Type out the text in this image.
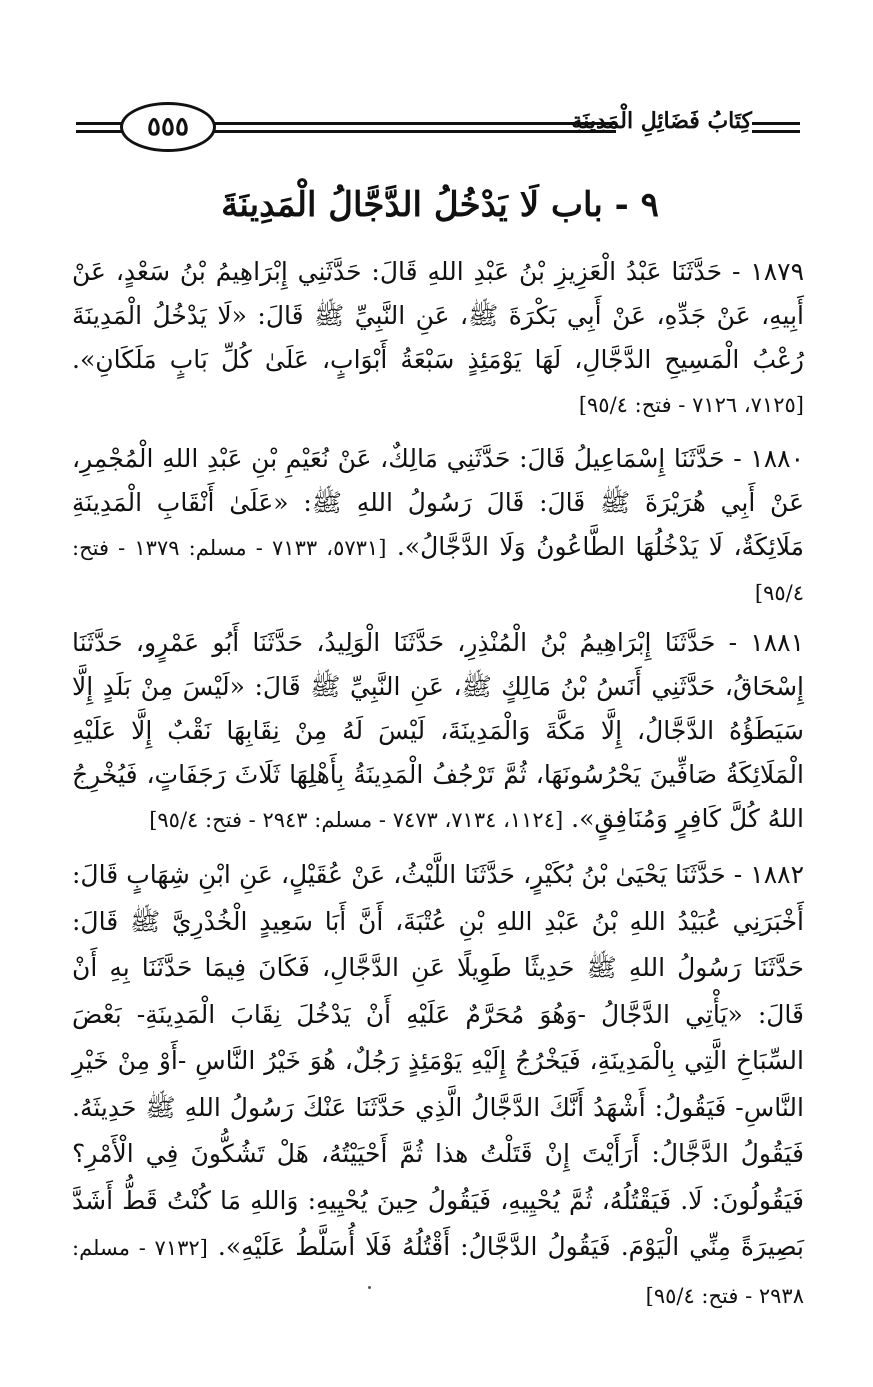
٥٥٥	كِتَابُ فَضَائِلِ الْمَدِينَةِ
٩ - باب لَا يَدْخُلُ الدَّجَّالُ الْمَدِينَةَ

١٨٧٩ - حَدَّثَنَا عَبْدُ الْعَزِيزِ بْنُ عَبْدِ اللهِ قَالَ: حَدَّثَنِي إِبْرَاهِيمُ بْنُ سَعْدٍ، عَنْ أَبِيهِ، عَنْ جَدِّهِ، عَنْ أَبِي بَكْرَةَ ﷺ، عَنِ النَّبِيِّ ﷺ قَالَ: «لَا يَدْخُلُ الْمَدِينَةَ رُعْبُ الْمَسِيحِ الدَّجَّالِ، لَهَا يَوْمَئِذٍ سَبْعَةُ أَبْوَابٍ، عَلَىٰ كُلِّ بَابٍ مَلَكَانِ». [٧١٢٥، ٧١٢٦ - فتح: ٩٥/٤]

١٨٨٠ - حَدَّثَنَا إِسْمَاعِيلُ قَالَ: حَدَّثَنِي مَالِكٌ، عَنْ نُعَيْمِ بْنِ عَبْدِ اللهِ الْمُجْمِرِ، عَنْ أَبِي هُرَيْرَةَ ﷺ قَالَ: قَالَ رَسُولُ اللهِ ﷺ: «عَلَىٰ أَنْقَابِ الْمَدِينَةِ مَلَائِكَةٌ، لَا يَدْخُلُهَا الطَّاعُونُ وَلَا الدَّجَّالُ». [٥٧٣١، ٧١٣٣ - مسلم: ١٣٧٩ - فتح: ٩٥/٤]

١٨٨١ - حَدَّثَنَا إِبْرَاهِيمُ بْنُ الْمُنْذِرِ، حَدَّثَنَا الْوَلِيدُ، حَدَّثَنَا أَبُو عَمْرٍو، حَدَّثَنَا إِسْحَاقُ، حَدَّثَنِي أَنَسُ بْنُ مَالِكٍ ﷺ، عَنِ النَّبِيِّ ﷺ قَالَ: «لَيْسَ مِنْ بَلَدٍ إِلَّا سَيَطَؤُهُ الدَّجَّالُ، إِلَّا مَكَّةَ وَالْمَدِينَةَ، لَيْسَ لَهُ مِنْ نِقَابِهَا نَقْبٌ إِلَّا عَلَيْهِ الْمَلَائِكَةُ صَافِّينَ يَحْرُسُونَهَا، ثُمَّ تَرْجُفُ الْمَدِينَةُ بِأَهْلِهَا ثَلَاثَ رَجَفَاتٍ، فَيُخْرِجُ اللهُ كُلَّ كَافِرٍ وَمُنَافِقٍ». [١١٢٤، ٧١٣٤، ٧٤٧٣ - مسلم: ٢٩٤٣ - فتح: ٩٥/٤]

١٨٨٢ - حَدَّثَنَا يَحْيَىٰ بْنُ بُكَيْرٍ، حَدَّثَنَا اللَّيْثُ، عَنْ عُقَيْلٍ، عَنِ ابْنِ شِهَابٍ قَالَ: أَخْبَرَنِي عُبَيْدُ اللهِ بْنُ عَبْدِ اللهِ بْنِ عُتْبَةَ، أَنَّ أَبَا سَعِيدٍ الْخُدْرِيَّ ﷺ قَالَ: حَدَّثَنَا رَسُولُ اللهِ ﷺ حَدِيثًا طَوِيلًا عَنِ الدَّجَّالِ، فَكَانَ فِيمَا حَدَّثَنَا بِهِ أَنْ قَالَ: «يَأْتِي الدَّجَّالُ -وَهُوَ مُحَرَّمٌ عَلَيْهِ أَنْ يَدْخُلَ نِقَابَ الْمَدِينَةِ- بَعْضَ السِّبَاخِ الَّتِي بِالْمَدِينَةِ، فَيَخْرُجُ إِلَيْهِ يَوْمَئِذٍ رَجُلٌ، هُوَ خَيْرُ النَّاسِ -أَوْ مِنْ خَيْرِ النَّاسِ- فَيَقُولُ: أَشْهَدُ أَنَّكَ الدَّجَّالُ الَّذِي حَدَّثَنَا عَنْكَ رَسُولُ اللهِ ﷺ حَدِيثَهُ. فَيَقُولُ الدَّجَّالُ: أَرَأَيْتَ إِنْ قَتَلْتُ هذا ثُمَّ أَحْيَيْتُهُ، هَلْ تَشُكُّونَ فِي الْأَمْرِ؟ فَيَقُولُونَ: لَا. فَيَقْتُلُهُ، ثُمَّ يُحْيِيهِ، فَيَقُولُ حِينَ يُحْيِيهِ: وَاللهِ مَا كُنْتُ قَطُّ أَشَدَّ بَصِيرَةً مِنِّي الْيَوْمَ. فَيَقُولُ الدَّجَّالُ: أَقْتُلُهُ فَلَا أُسَلَّطُ عَلَيْهِ». [٧١٣٢ - مسلم: ٢٩٣٨ - فتح: ٩٥/٤]
